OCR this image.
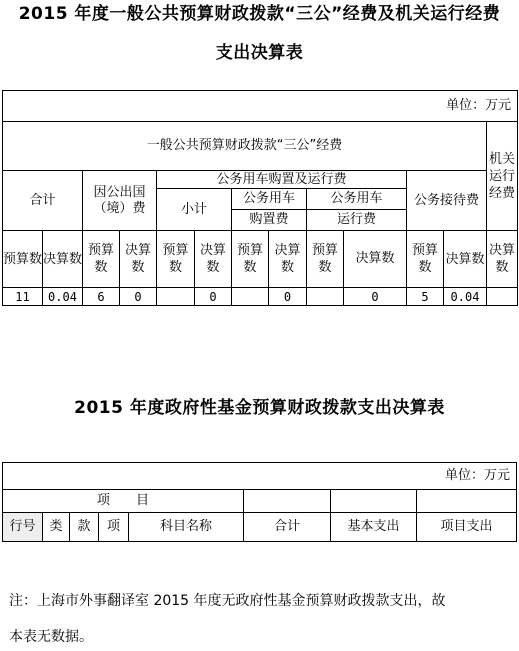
2015 年度一般公共预算财政拨款“三公”经费及机关运行经费
支出决算表
单位：万元												
一般公共预算财政拨款“三公”经费												机关运行经费
合计		因公出国（境）费		公务用车购置及运行费						公务接待费		
				小计		公务用车		公务用车				
						购置费		运行费				
预算数	决算数	预算数	决算数	预算数	决算数	预算数	决算数	预算数	决算数	预算数	决算数	决算数
11	0.04	6	0		0		0		0	5	0.04	
2015 年度政府性基金预算财政拨款支出决算表
单位：万元							
项　　目							
行号	类	款	项	科目名称	合计	基本支出	项目支出
注：上海市外事翻译室 2015 年度无政府性基金预算财政拨款支出，故
本表无数据。
